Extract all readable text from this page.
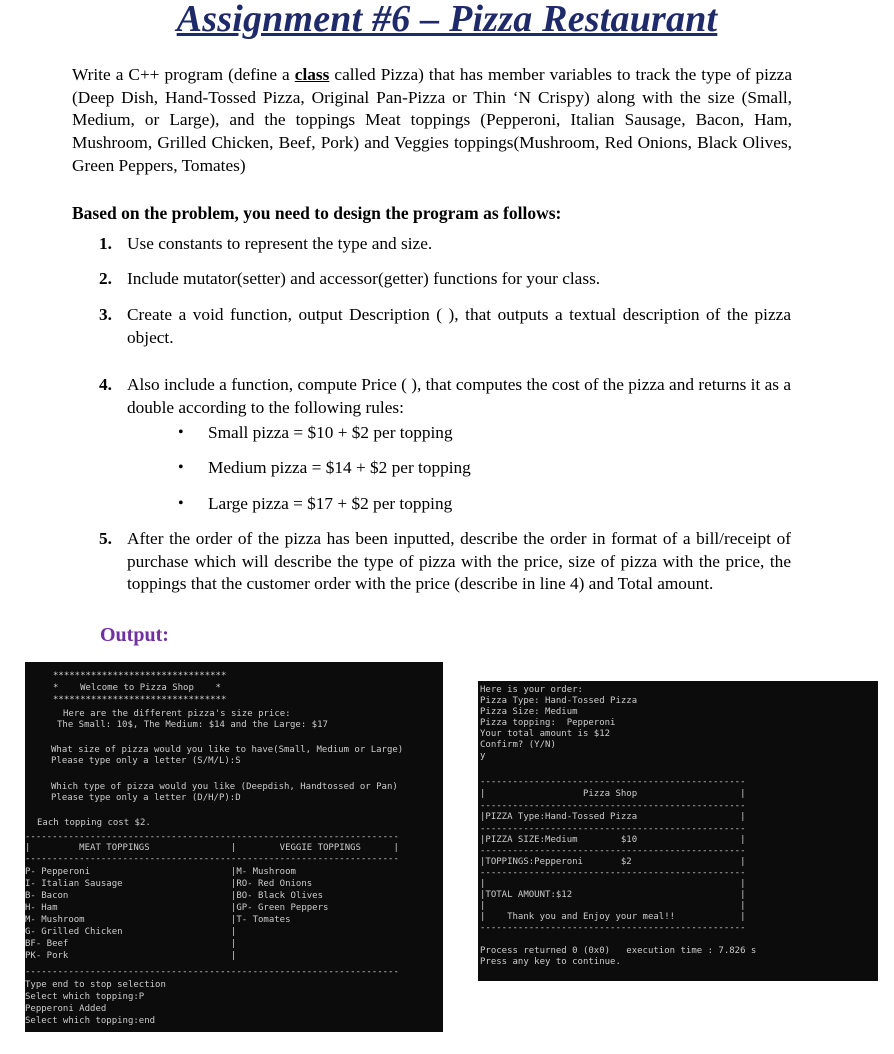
Assignment #6 – Pizza Restaurant
Write a C++ program (define a class called Pizza) that has member variables to track the type of pizza (Deep Dish, Hand-Tossed Pizza, Original Pan-Pizza or Thin ‘N Crispy) along with the size (Small, Medium, or Large), and the toppings Meat toppings (Pepperoni, Italian Sausage, Bacon, Ham, Mushroom, Grilled Chicken, Beef, Pork) and Veggies toppings(Mushroom, Red Onions, Black Olives, Green Peppers, Tomates)
Based on the problem, you need to design the program as follows:
1. Use constants to represent the type and size.
2. Include mutator(setter) and accessor(getter) functions for your class.
3. Create a void function, output Description ( ), that outputs a textual description of the pizza object.
4. Also include a function, compute Price ( ), that computes the cost of the pizza and returns it as a double according to the following rules:
• Small pizza = $10 + $2 per topping
• Medium pizza = $14 + $2 per topping
• Large pizza = $17 + $2 per topping
5. After the order of the pizza has been inputted, describe the order in format of a bill/receipt of purchase which will describe the type of pizza with the price, size of pizza with the price, the toppings that the customer order with the price (describe in line 4) and Total amount.
Output:
********************************
*    Welcome to Pizza Shop    *
********************************
Here are the different pizza's size price:
The Small: 10$, The Medium: $14 and the Large: $17
What size of pizza would you like to have(Small, Medium or Large)
Please type only a letter (S/M/L):S
Which type of pizza would you like (Deepdish, Handtossed or Pan)
Please type only a letter (D/H/P):D
Each topping cost $2.
---------------------------------------------------------------------
|         MEAT TOPPINGS               |        VEGGIE TOPPINGS      |
---------------------------------------------------------------------
P- Pepperoni                          |M- Mushroom
I- Italian Sausage                    |RO- Red Onions
B- Bacon                              |BO- Black Olives
H- Ham                                |GP- Green Peppers
M- Mushroom                           |T- Tomates
G- Grilled Chicken                    |
BF- Beef                              |
PK- Pork                              |
---------------------------------------------------------------------
Type end to stop selection
Select which topping:P
Pepperoni Added
Select which topping:end
Here is your order:
Pizza Type: Hand-Tossed Pizza
Pizza Size: Medium
Pizza topping:  Pepperoni
Your total amount is $12
Confirm? (Y/N)
y
-------------------------------------------------
|                  Pizza Shop                   |
-------------------------------------------------
|PIZZA Type:Hand-Tossed Pizza                   |
-------------------------------------------------
|PIZZA SIZE:Medium        $10                   |
-------------------------------------------------
|TOPPINGS:Pepperoni       $2                    |
-------------------------------------------------
|                                               |
|TOTAL AMOUNT:$12                               |
|                                               |
|    Thank you and Enjoy your meal!!            |
-------------------------------------------------
Process returned 0 (0x0)   execution time : 7.826 s
Press any key to continue.
